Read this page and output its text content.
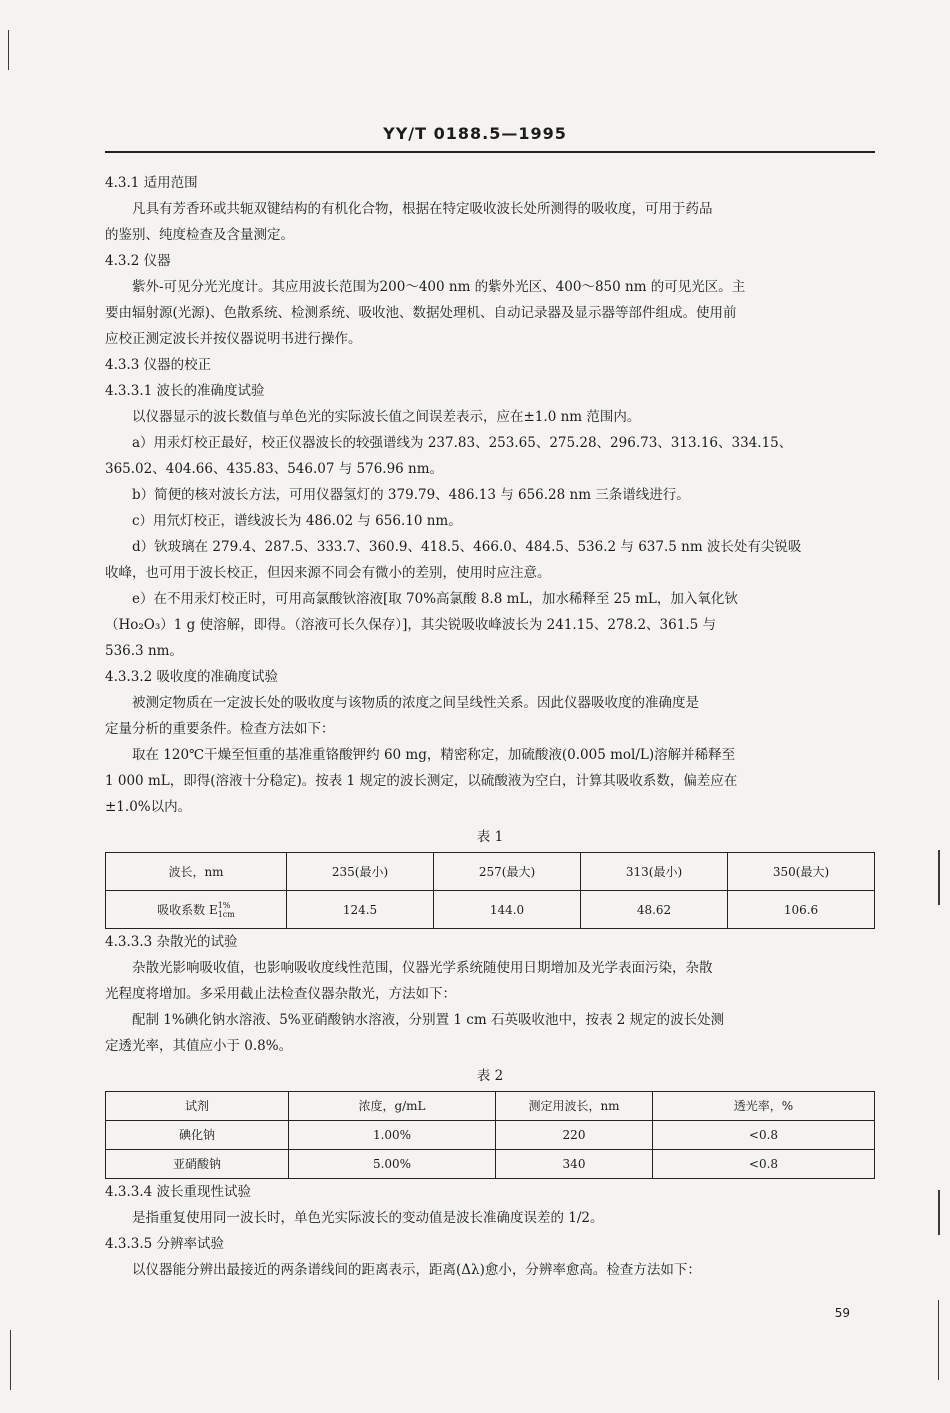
YY/T 0188.5—1995

4.3.1 适用范围

凡具有芳香环或共轭双键结构的有机化合物，根据在特定吸收波长处所测得的吸收度，可用于药品
的鉴别、纯度检查及含量测定。

4.3.2 仪器

紫外-可见分光光度计。其应用波长范围为200～400 nm 的紫外光区、400～850 nm 的可见光区。主
要由辐射源(光源)、色散系统、检测系统、吸收池、数据处理机、自动记录器及显示器等部件组成。使用前
应校正测定波长并按仪器说明书进行操作。

4.3.3 仪器的校正

4.3.3.1 波长的准确度试验

以仪器显示的波长数值与单色光的实际波长值之间误差表示，应在±1.0 nm 范围内。

a）用汞灯校正最好，校正仪器波长的较强谱线为 237.83、253.65、275.28、296.73、313.16、334.15、
365.02、404.66、435.83、546.07 与 576.96 nm。

b）简便的核对波长方法，可用仪器氢灯的 379.79、486.13 与 656.28 nm 三条谱线进行。

c）用氘灯校正，谱线波长为 486.02 与 656.10 nm。

d）钬玻璃在 279.4、287.5、333.7、360.9、418.5、466.0、484.5、536.2 与 637.5 nm 波长处有尖锐吸
收峰，也可用于波长校正，但因来源不同会有微小的差别，使用时应注意。

e）在不用汞灯校正时，可用高氯酸钬溶液[取 70%高氯酸 8.8 mL，加水稀释至 25 mL，加入氧化钬
（Ho₂O₃）1 g 使溶解，即得。（溶液可长久保存）]，其尖锐吸收峰波长为 241.15、278.2、361.5 与
536.3 nm。

4.3.3.2 吸收度的准确度试验

被测定物质在一定波长处的吸收度与该物质的浓度之间呈线性关系。因此仪器吸收度的准确度是
定量分析的重要条件。检查方法如下：

取在 120℃干燥至恒重的基准重铬酸钾约 60 mg，精密称定，加硫酸液(0.005 mol/L)溶解并稀释至
1 000 mL，即得(溶液十分稳定)。按表 1 规定的波长测定，以硫酸液为空白，计算其吸收系数，偏差应在
±1.0%以内。

表 1

波长，nm	235(最小)	257(最大)	313(最小)	350(最大)
吸收系数 E 1%
1cm	124.5	144.0	48.62	106.6

4.3.3.3 杂散光的试验

杂散光影响吸收值，也影响吸收度线性范围，仪器光学系统随使用日期增加及光学表面污染，杂散
光程度将增加。多采用截止法检查仪器杂散光，方法如下：

配制 1%碘化钠水溶液、5%亚硝酸钠水溶液，分别置 1 cm 石英吸收池中，按表 2 规定的波长处测
定透光率，其值应小于 0.8%。

表 2

试剂	浓度，g/mL	测定用波长，nm	透光率，%
碘化钠	1.00%	220	<0.8
亚硝酸钠	5.00%	340	<0.8

4.3.3.4 波长重现性试验

是指重复使用同一波长时，单色光实际波长的变动值是波长准确度误差的 1/2。

4.3.3.5 分辨率试验

以仪器能分辨出最接近的两条谱线间的距离表示，距离(Δλ)愈小，分辨率愈高。检查方法如下：

59
